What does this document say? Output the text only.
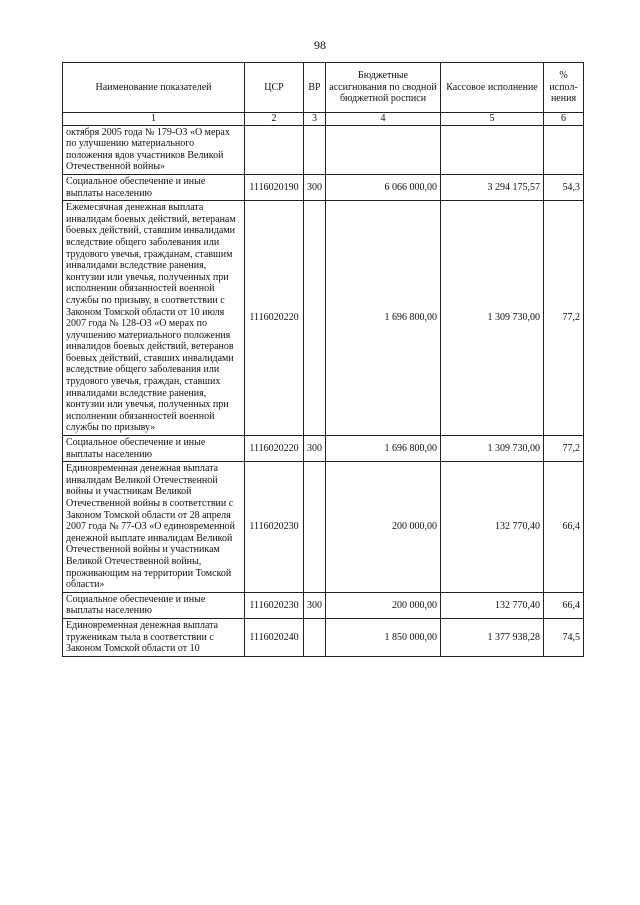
98
Наименование показателей	ЦСР	ВР	Бюджетные ассигнования по сводной бюджетной росписи	Кассовое исполнение	% испол-нения
1	2	3	4	5	6
октября 2005 года № 179-ОЗ «О мерах по улучшению материального положения вдов участников Великой Отечественной войны»					
Социальное обеспечение и иные выплаты населению	1116020190	300	6 066 000,00	3 294 175,57	54,3
Ежемесячная денежная выплата инвалидам боевых действий, ветеранам боевых действий, ставшим инвалидами вследствие общего заболевания или трудового увечья, гражданам, ставшим инвалидами вследствие ранения, контузии или увечья, полученных при исполнении обязанностей военной службы по призыву, в соответствии с Законом Томской области от 10 июля 2007 года № 128-ОЗ «О мерах по улучшению материального положения инвалидов боевых действий, ветеранов боевых действий, ставших инвалидами вследствие общего заболевания или трудового увечья, граждан, ставших инвалидами вследствие ранения, контузии или увечья, полученных при исполнении обязанностей военной службы по призыву»	1116020220		1 696 800,00	1 309 730,00	77,2
Социальное обеспечение и иные выплаты населению	1116020220	300	1 696 800,00	1 309 730,00	77,2
Единовременная денежная выплата инвалидам Великой Отечественной войны и участникам Великой Отечественной войны в соответствии с Законом Томской области от 28 апреля 2007 года № 77-ОЗ «О единовременной денежной выплате инвалидам Великой Отечественной войны и участникам Великой Отечественной войны, проживающим на территории Томской области»	1116020230		200 000,00	132 770,40	66,4
Социальное обеспечение и иные выплаты населению	1116020230	300	200 000,00	132 770,40	66,4
Единовременная денежная выплата труженикам тыла в соответствии с Законом Томской области от 10	1116020240		1 850 000,00	1 377 938,28	74,5
